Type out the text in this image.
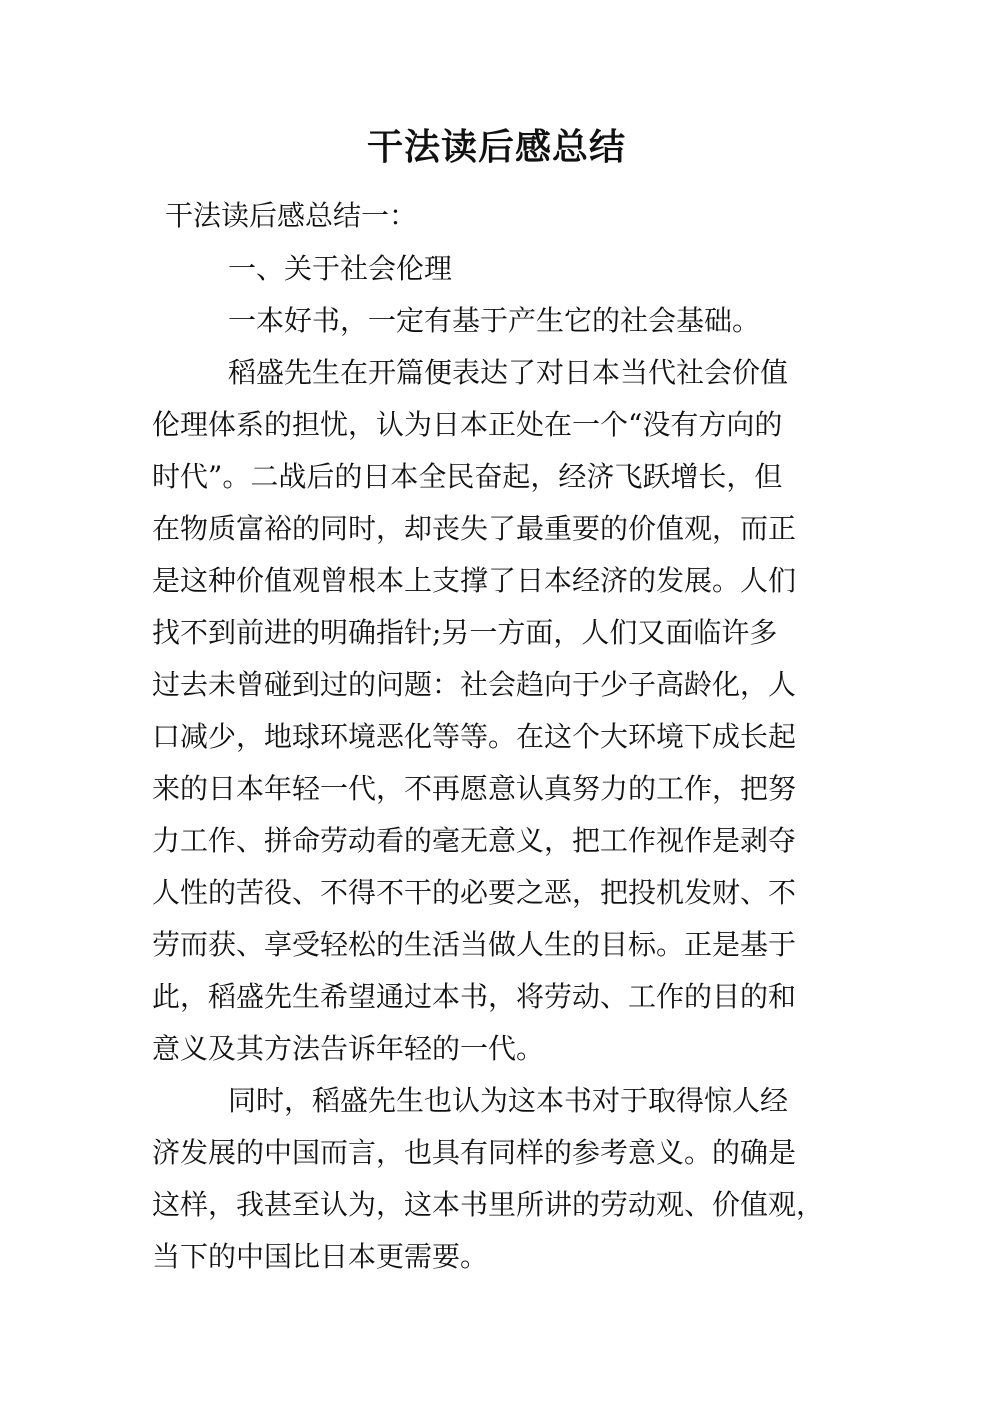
干法读后感总结
干法读后感总结一：
一、关于社会伦理
一本好书，一定有基于产生它的社会基础。
稻盛先生在开篇便表达了对日本当代社会价值
伦理体系的担忧，认为日本正处在一个“没有方向的
时代”。二战后的日本全民奋起，经济飞跃增长，但
在物质富裕的同时，却丧失了最重要的价值观，而正
是这种价值观曾根本上支撑了日本经济的发展。人们
找不到前进的明确指针;另一方面，人们又面临许多
过去未曾碰到过的问题：社会趋向于少子高龄化，人
口减少，地球环境恶化等等。在这个大环境下成长起
来的日本年轻一代，不再愿意认真努力的工作，把努
力工作、拼命劳动看的毫无意义，把工作视作是剥夺
人性的苦役、不得不干的必要之恶，把投机发财、不
劳而获、享受轻松的生活当做人生的目标。正是基于
此，稻盛先生希望通过本书，将劳动、工作的目的和
意义及其方法告诉年轻的一代。
同时，稻盛先生也认为这本书对于取得惊人经
济发展的中国而言，也具有同样的参考意义。的确是
这样，我甚至认为，这本书里所讲的劳动观、价值观，
当下的中国比日本更需要。
